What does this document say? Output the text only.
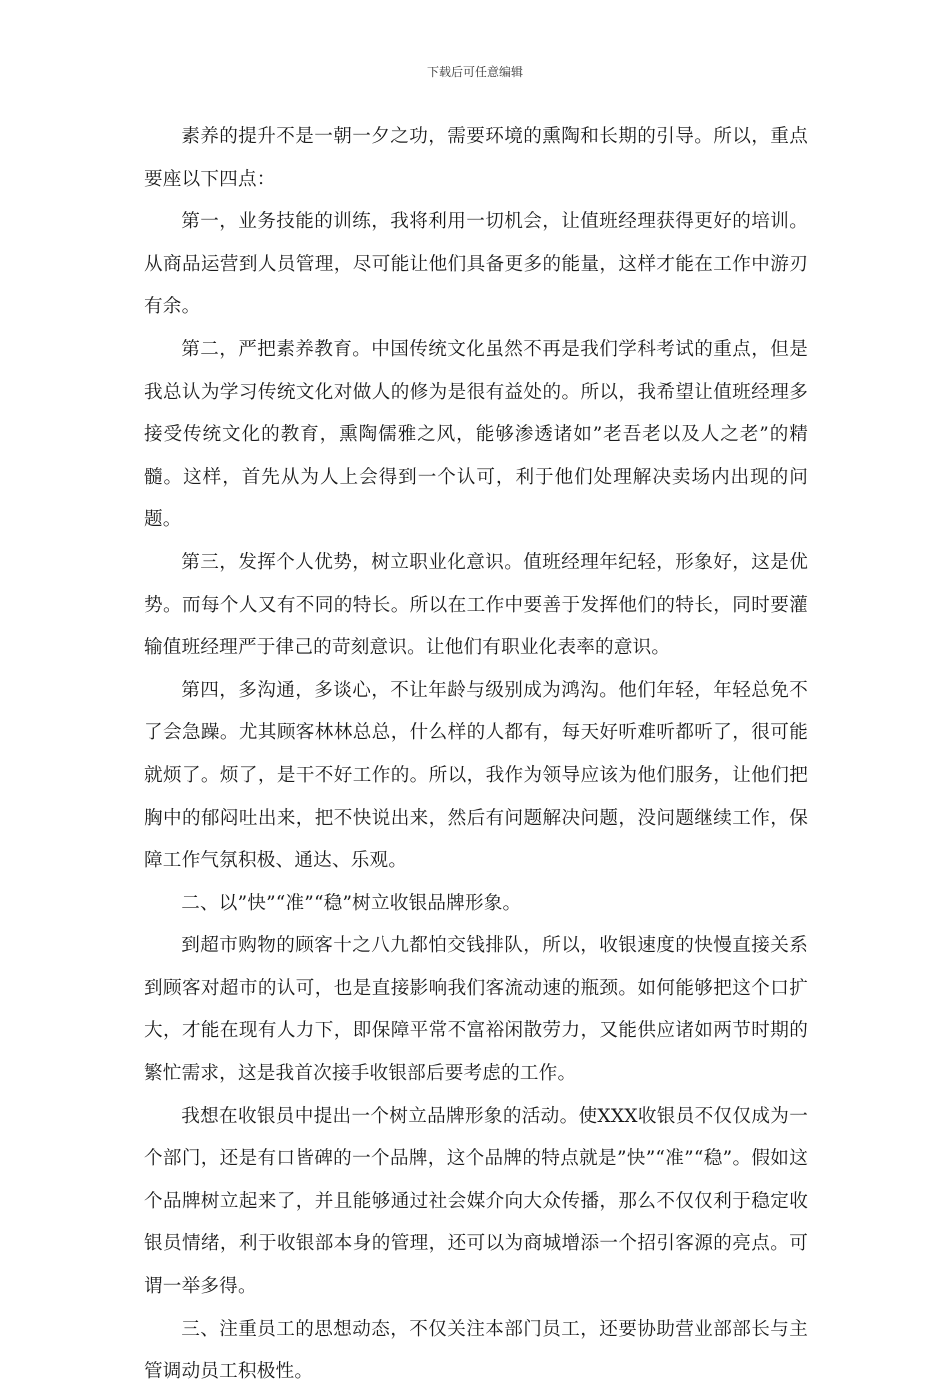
下载后可任意编辑

素养的提升不是一朝一夕之功，需要环境的熏陶和长期的引导。所以，重点要座以下四点：

第一，业务技能的训练，我将利用一切机会，让值班经理获得更好的培训。从商品运营到人员管理，尽可能让他们具备更多的能量，这样才能在工作中游刃有余。

第二，严把素养教育。中国传统文化虽然不再是我们学科考试的重点，但是我总认为学习传统文化对做人的修为是很有益处的。所以，我希望让值班经理多接受传统文化的教育，熏陶儒雅之风，能够渗透诸如”老吾老以及人之老”的精髓。这样，首先从为人上会得到一个认可，利于他们处理解决卖场内出现的问题。

第三，发挥个人优势，树立职业化意识。值班经理年纪轻，形象好，这是优势。而每个人又有不同的特长。所以在工作中要善于发挥他们的特长，同时要灌输值班经理严于律己的苛刻意识。让他们有职业化表率的意识。

第四，多沟通，多谈心，不让年龄与级别成为鸿沟。他们年轻，年轻总免不了会急躁。尤其顾客林林总总，什么样的人都有，每天好听难听都听了，很可能就烦了。烦了，是干不好工作的。所以，我作为领导应该为他们服务，让他们把胸中的郁闷吐出来，把不快说出来，然后有问题解决问题，没问题继续工作，保障工作气氛积极、通达、乐观。

二、以”快”“准”“稳”树立收银品牌形象。

到超市购物的顾客十之八九都怕交钱排队，所以，收银速度的快慢直接关系到顾客对超市的认可，也是直接影响我们客流动速的瓶颈。如何能够把这个口扩大，才能在现有人力下，即保障平常不富裕闲散劳力，又能供应诸如两节时期的繁忙需求，这是我首次接手收银部后要考虑的工作。

我想在收银员中提出一个树立品牌形象的活动。使XXX收银员不仅仅成为一个部门，还是有口皆碑的一个品牌，这个品牌的特点就是”快”“准”“稳”。假如这个品牌树立起来了，并且能够通过社会媒介向大众传播，那么不仅仅利于稳定收银员情绪，利于收银部本身的管理，还可以为商城增添一个招引客源的亮点。可谓一举多得。

三、注重员工的思想动态，不仅关注本部门员工，还要协助营业部部长与主管调动员工积极性。
